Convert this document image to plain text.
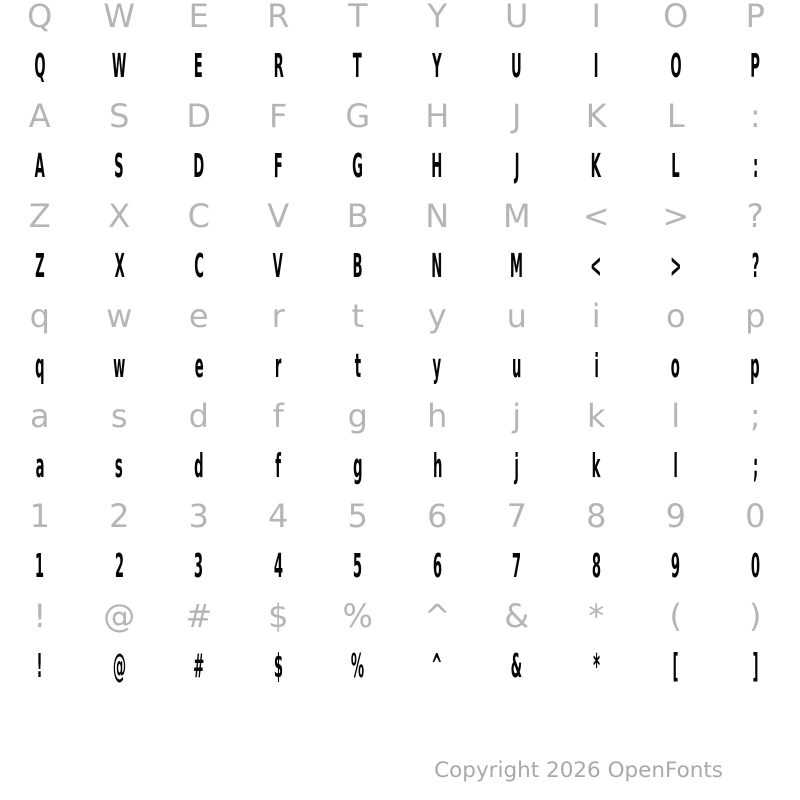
Q	W	E	R	T	Y	U	I	O	P
Q	W	E	R	T	Y	U	I	O	P
A	S	D	F	G	H	J	K	L	:
A	S	D	F	G	H	J	K	L	:
Z	X	C	V	B	N	M	<	>	?
Z	X	C	V	B	N	M	<	>	?
q	w	e	r	t	y	u	i	o	p
q	w	e	r	t	y	u	i	o	p
a	s	d	f	g	h	j	k	l	;
a	s	d	f	g	h	j	k	l	;
1	2	3	4	5	6	7	8	9	0
1	2	3	4	5	6	7	8	9	0
!	@	#	$	%	^	&	*	(	)
!	@	#	$	%	^	&	*	[	]
Copyright 2026 OpenFonts
